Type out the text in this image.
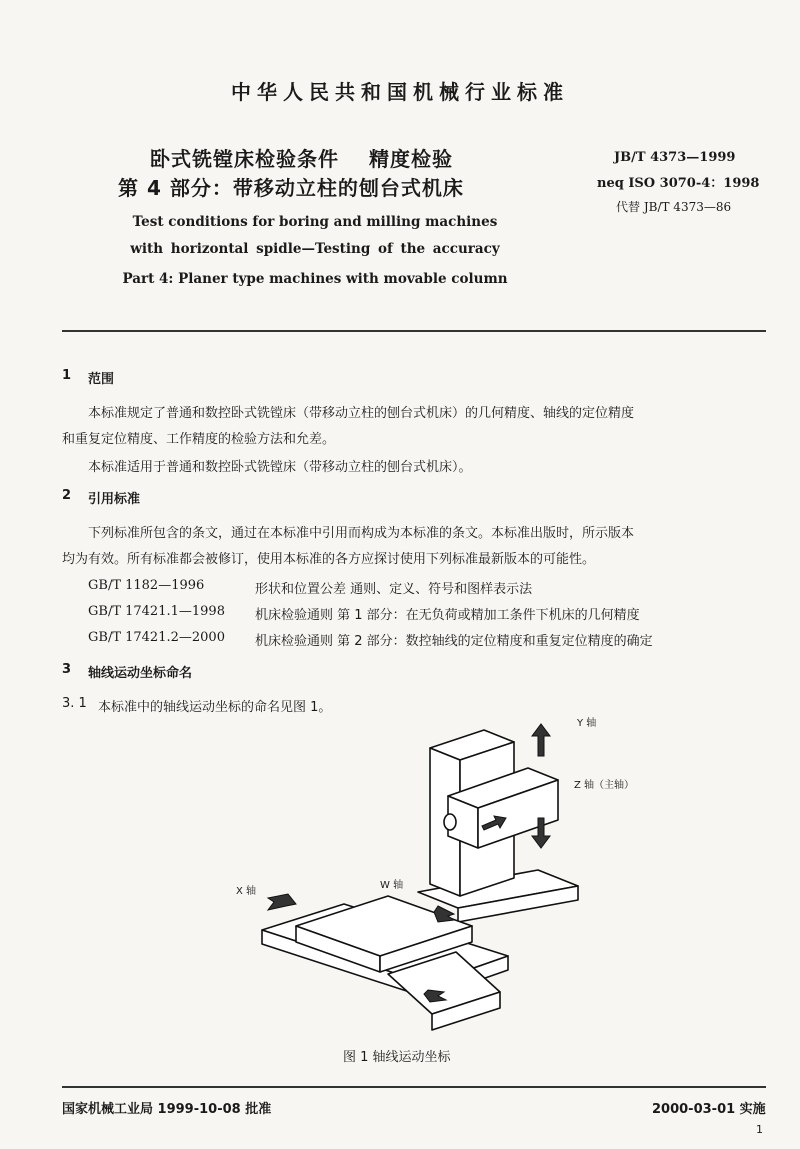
中华人民共和国机械行业标准
卧式铣镗床检验条件 精度检验
第 4 部分：带移动立柱的刨台式机床
Test conditions for boring and milling machines
with horizontal spidle—Testing of the accuracy
Part 4: Planer type machines with movable column
JB/T 4373—1999
neq ISO 3070-4：1998
代替 JB/T 4373—86
1 范围
本标准规定了普通和数控卧式铣镗床（带移动立柱的刨台式机床）的几何精度、轴线的定位精度
和重复定位精度、工作精度的检验方法和允差。
本标准适用于普通和数控卧式铣镗床（带移动立柱的刨台式机床）。
2 引用标准
下列标准所包含的条文，通过在本标准中引用而构成为本标准的条文。本标准出版时，所示版本
均为有效。所有标准都会被修订，使用本标准的各方应探讨使用下列标准最新版本的可能性。
GB/T 1182—1996	形状和位置公差 通则、定义、符号和图样表示法
GB/T 17421.1—1998 机床检验通则 第 1 部分：在无负荷或精加工条件下机床的几何精度
GB/T 17421.2—2000 机床检验通则 第 2 部分：数控轴线的定位精度和重复定位精度的确定
3 轴线运动坐标命名
3. 1 本标准中的轴线运动坐标的命名见图 1。
Y 轴
Z 轴（主轴）
X 轴
W 轴
图 1 轴线运动坐标
国家机械工业局 1999-10-08 批准	2000-03-01 实施
1
